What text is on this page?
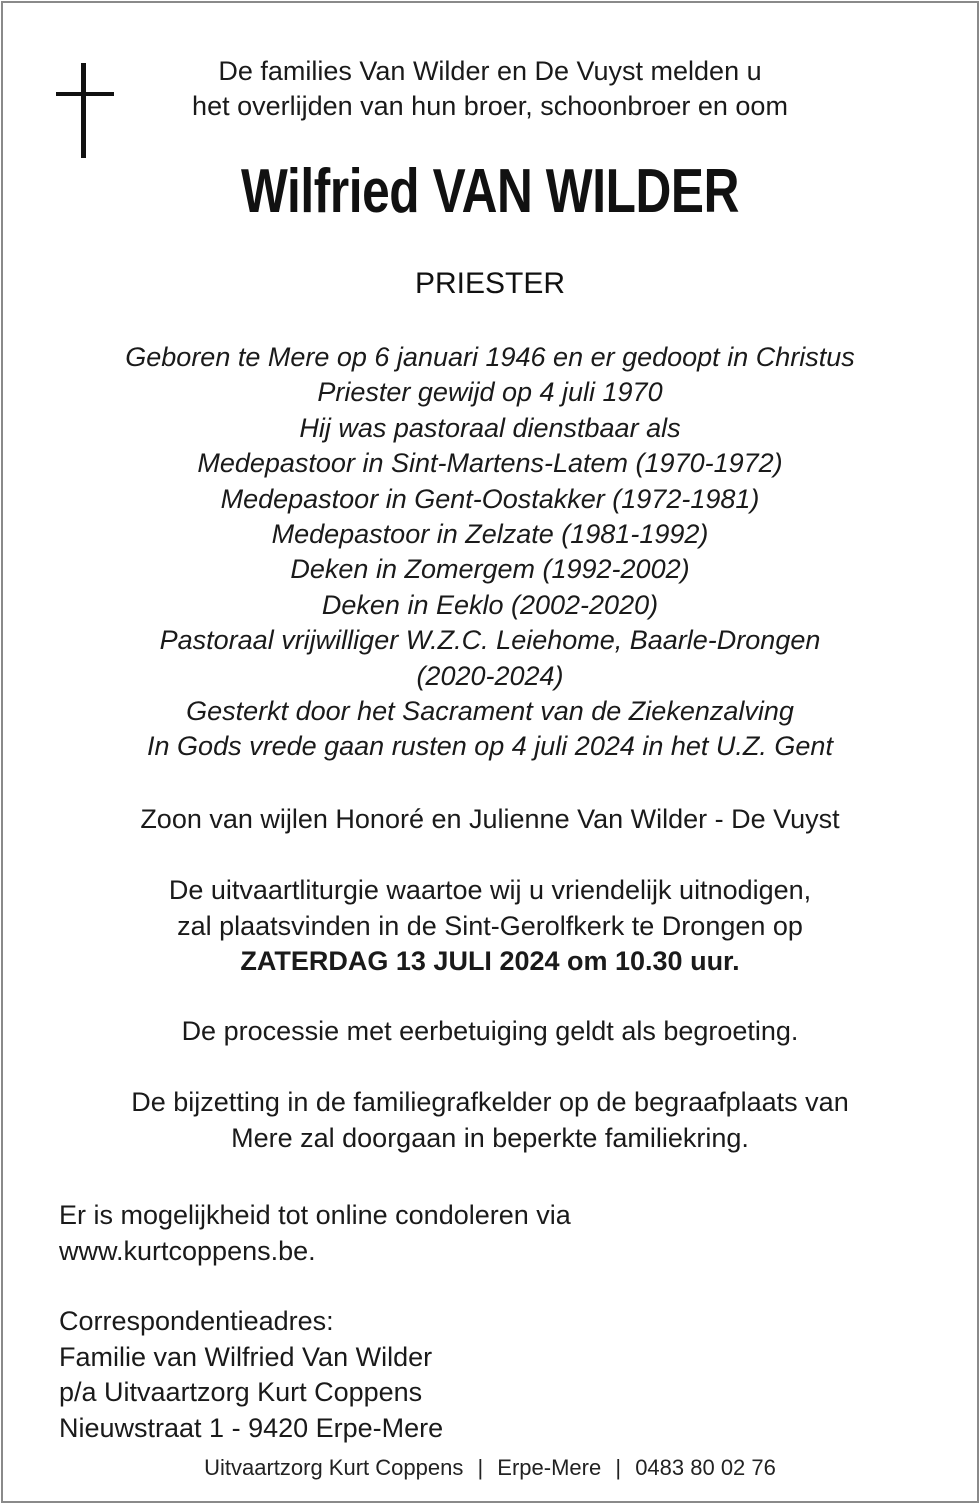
De families Van Wilder en De Vuyst melden u
het overlijden van hun broer, schoonbroer en oom
Wilfried VAN WILDER
PRIESTER
Geboren te Mere op 6 januari 1946 en er gedoopt in Christus
Priester gewijd op 4 juli 1970
Hij was pastoraal dienstbaar als
Medepastoor in Sint-Martens-Latem (1970-1972)
Medepastoor in Gent-Oostakker (1972-1981)
Medepastoor in Zelzate (1981-1992)
Deken in Zomergem (1992-2002)
Deken in Eeklo (2002-2020)
Pastoraal vrijwilliger W.Z.C. Leiehome, Baarle-Drongen
(2020-2024)
Gesterkt door het Sacrament van de Ziekenzalving
In Gods vrede gaan rusten op 4 juli 2024 in het U.Z. Gent
Zoon van wijlen Honoré en Julienne Van Wilder - De Vuyst
De uitvaartliturgie waartoe wij u vriendelijk uitnodigen,
zal plaatsvinden in de Sint-Gerolfkerk te Drongen op
ZATERDAG 13 JULI 2024 om 10.30 uur.
De processie met eerbetuiging geldt als begroeting.
De bijzetting in de familiegrafkelder op de begraafplaats van
Mere zal doorgaan in beperkte familiekring.
Er is mogelijkheid tot online condoleren via
www.kurtcoppens.be.
Correspondentieadres:
Familie van Wilfried Van Wilder
p/a Uitvaartzorg Kurt Coppens
Nieuwstraat 1 - 9420 Erpe-Mere
Uitvaartzorg Kurt Coppens | Erpe-Mere | 0483 80 02 76
